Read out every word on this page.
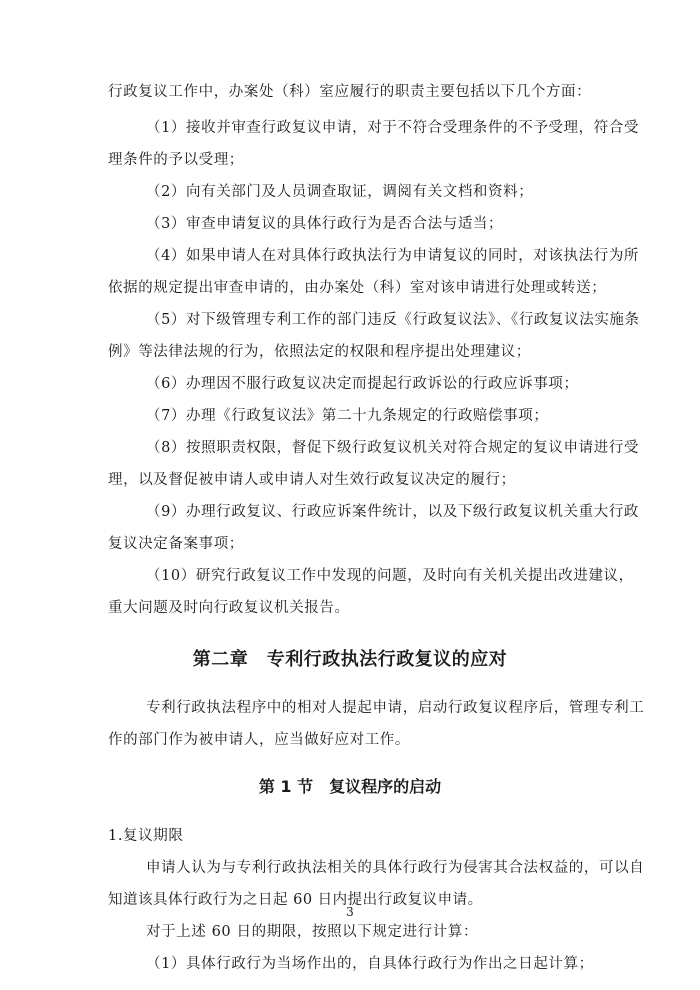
行政复议工作中，办案处（科）室应履行的职责主要包括以下几个方面：
（1）接收并审查行政复议申请，对于不符合受理条件的不予受理，符合受
理条件的予以受理；
（2）向有关部门及人员调查取证，调阅有关文档和资料；
（3）审查申请复议的具体行政行为是否合法与适当；
（4）如果申请人在对具体行政执法行为申请复议的同时，对该执法行为所
依据的规定提出审查申请的，由办案处（科）室对该申请进行处理或转送；
（5）对下级管理专利工作的部门违反《行政复议法》、《行政复议法实施条
例》等法律法规的行为，依照法定的权限和程序提出处理建议；
（6）办理因不服行政复议决定而提起行政诉讼的行政应诉事项；
（7）办理《行政复议法》第二十九条规定的行政赔偿事项；
（8）按照职责权限，督促下级行政复议机关对符合规定的复议申请进行受
理，以及督促被申请人或申请人对生效行政复议决定的履行；
（9）办理行政复议、行政应诉案件统计，以及下级行政复议机关重大行政
复议决定备案事项；
（10）研究行政复议工作中发现的问题，及时向有关机关提出改进建议，
重大问题及时向行政复议机关报告。
第二章　专利行政执法行政复议的应对
专利行政执法程序中的相对人提起申请，启动行政复议程序后，管理专利工
作的部门作为被申请人，应当做好应对工作。
第 1 节　复议程序的启动
1.复议期限
申请人认为与专利行政执法相关的具体行政行为侵害其合法权益的，可以自
知道该具体行政行为之日起 60 日内提出行政复议申请。
对于上述 60 日的期限，按照以下规定进行计算：
（1）具体行政行为当场作出的，自具体行政行为作出之日起计算；
3
